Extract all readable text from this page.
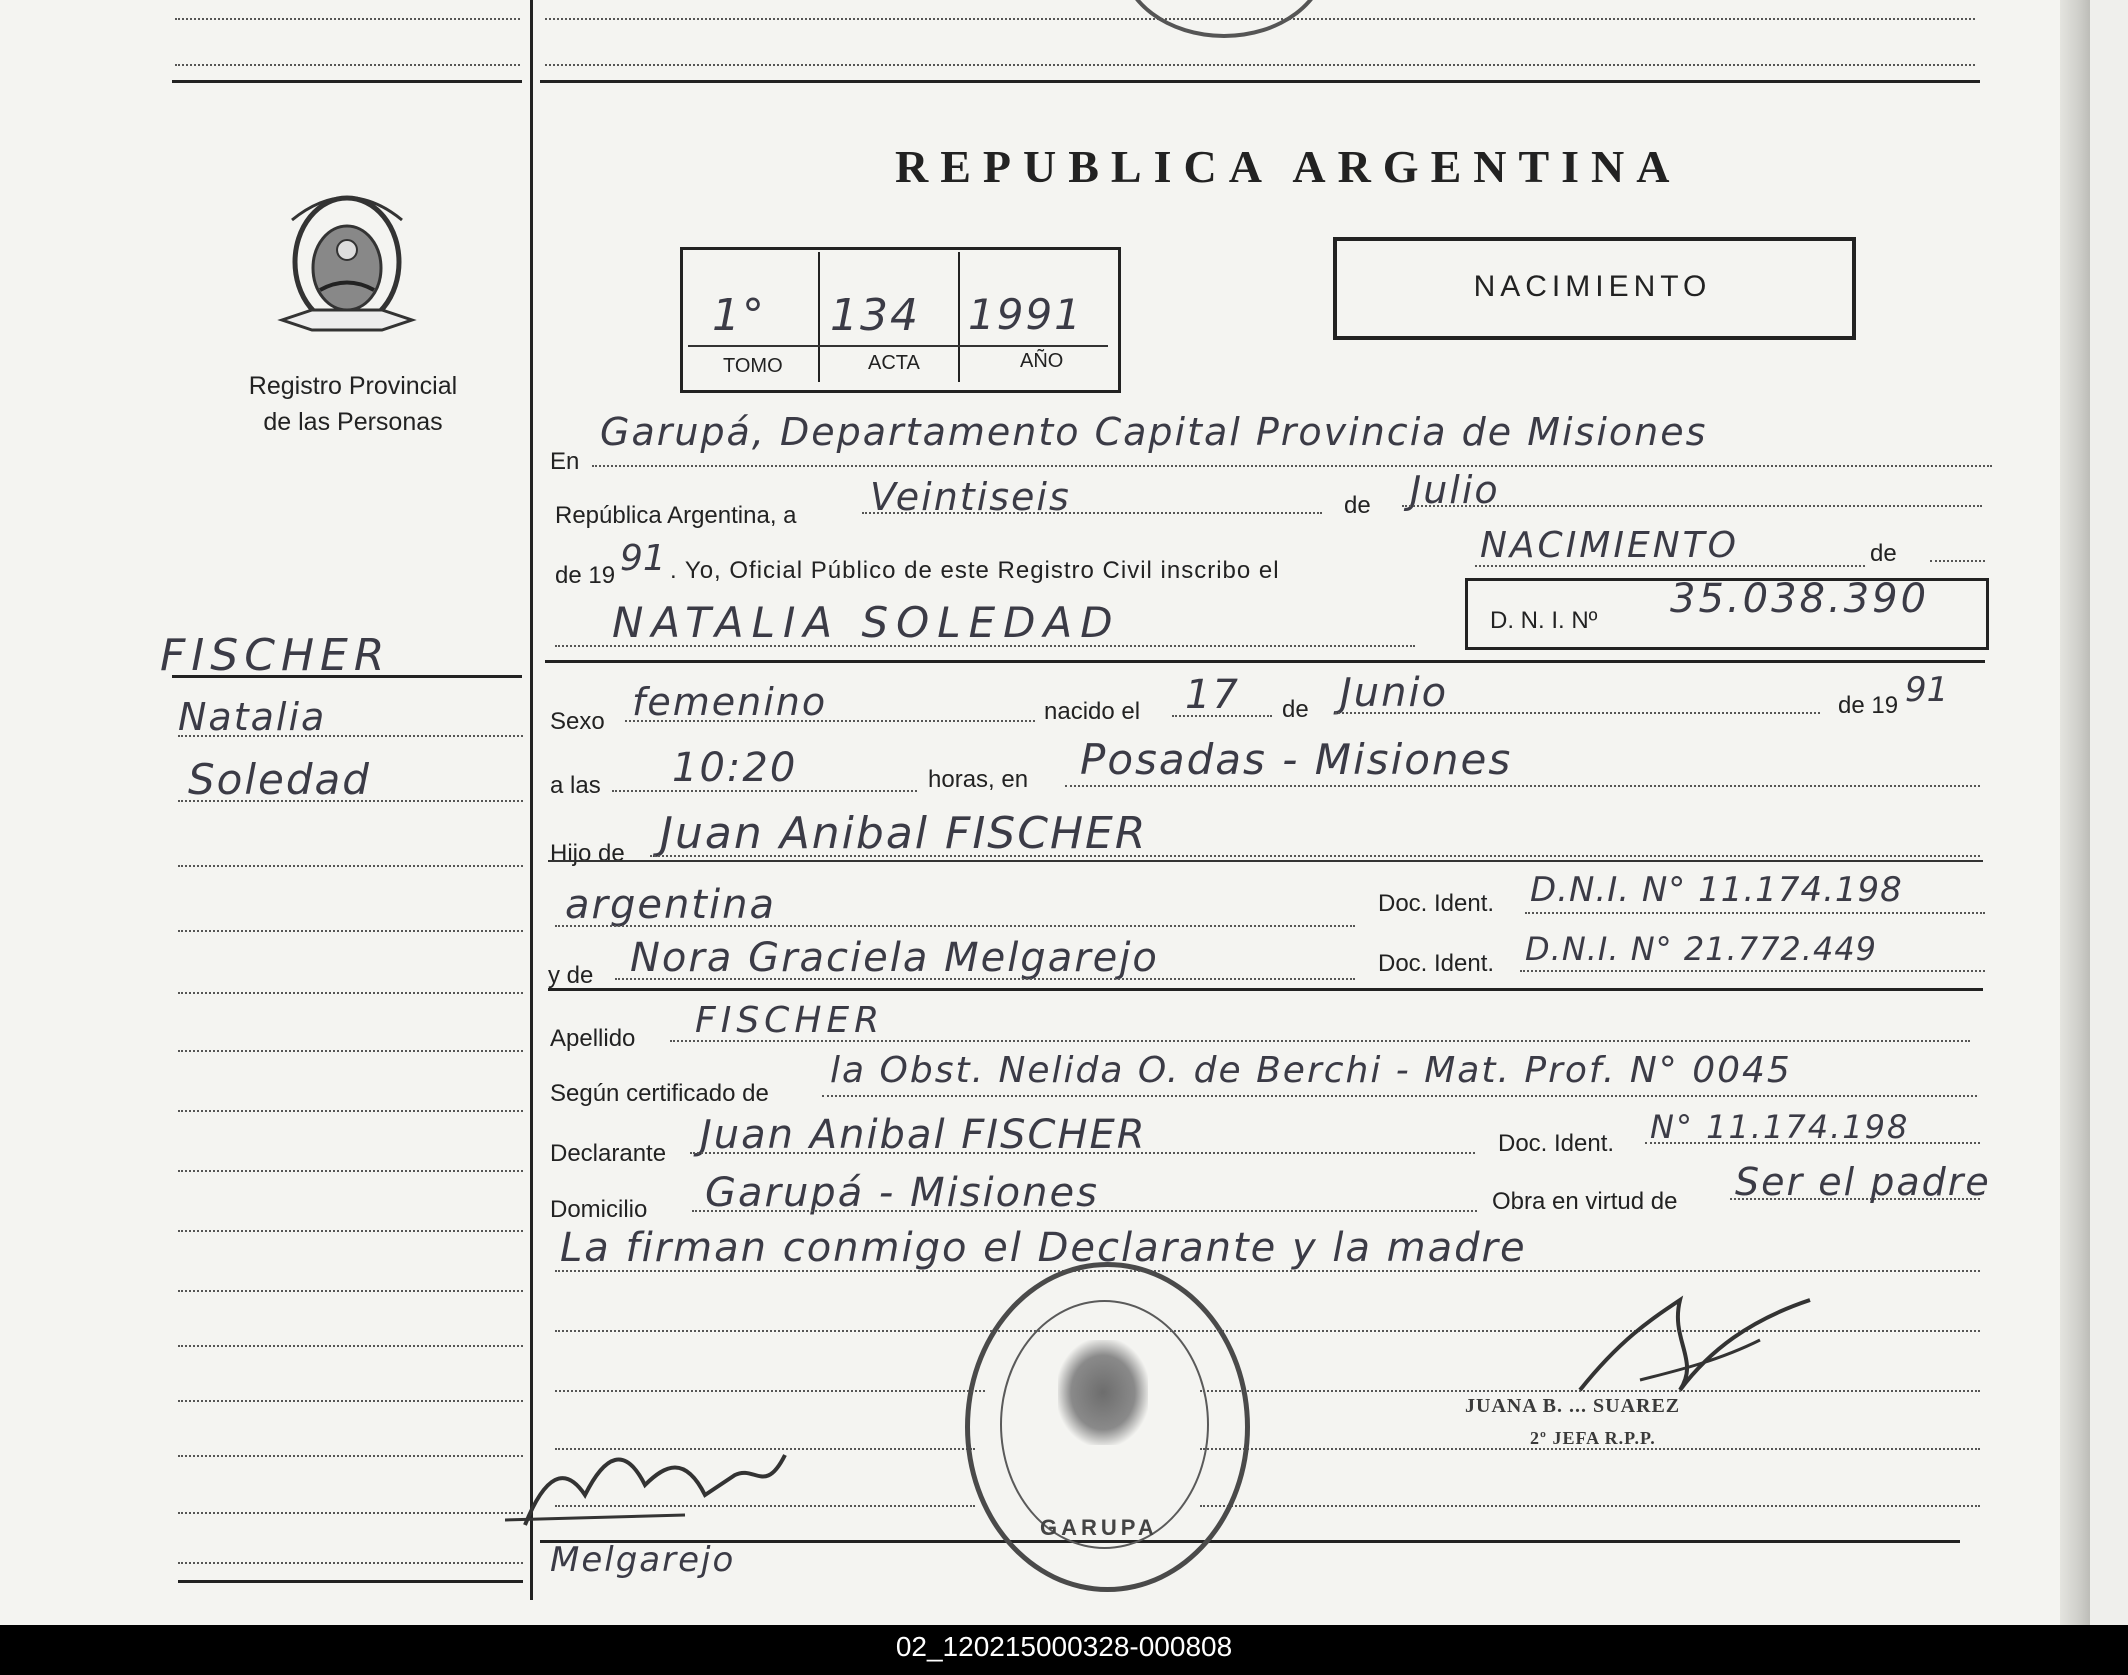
Registro Provincial
de las Personas
REPUBLICA ARGENTINA
1° 134 1991
TOMO	ACTA	AÑO
NACIMIENTO
En
Garupá, Departamento Capital Provincia de Misiones
República Argentina, a Veintiseis	de Julio
de 19 91 . Yo, Oficial Público de este Registro Civil inscribo el
NACIMIENTO	de
NATALIA SOLEDAD	D. N. I. Nº 35.038.390
FISCHER
Natalia
Soledad
Sexo femenino	nacido el 17 de Junio	de 19 91
a las 10:20	horas, en Posadas - Misiones
Hijo de Juan Anibal FISCHER
argentina	Doc. Ident. D.N.I. N° 11.174.198
y de Nora Graciela Melgarejo	Doc. Ident. D.N.I. N° 21.772.449
Apellido FISCHER
Según certificado de
la Obst. Nelida O. de Berchi - Mat. Prof. N° 0045
Declarante Juan Anibal FISCHER	Doc. Ident. N° 11.174.198
Domicilio Garupá - Misiones	Obra en virtud de Ser el padre
La firman conmigo el Declarante y la madre
GARUPA
JUANA B. ... SUAREZ
2º JEFA R.P.P.
Melgarejo
02_120215000328-000808
